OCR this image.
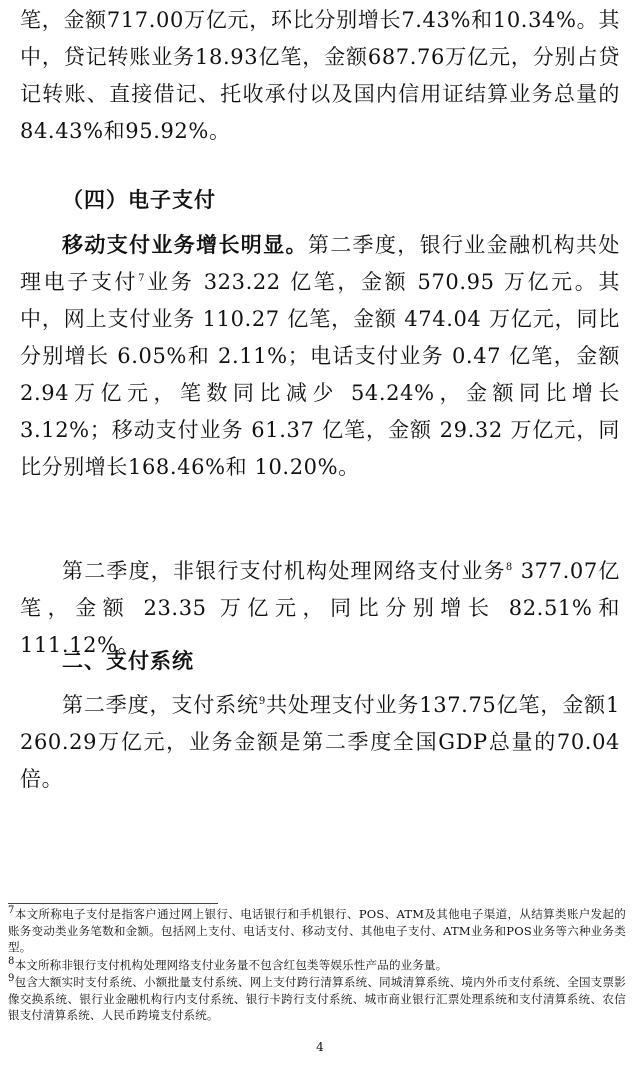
笔，金额717.00万亿元，环比分别增长7.43%和10.34%。其中，贷记转账业务18.93亿笔，金额687.76万亿元，分别占贷记转账、直接借记、托收承付以及国内信用证结算业务总量的84.43%和95.92%。

（四）电子支付

移动支付业务增长明显。第二季度，银行业金融机构共处理电子支付$^7$业务 323.22 亿笔，金额 570.95 万亿元。其中，网上支付业务 110.27 亿笔，金额 474.04 万亿元，同比分别增长 6.05%和 2.11%；电话支付业务 0.47 亿笔，金额 2.94万亿元，笔数同比减少 54.24%，金额同比增长 3.12%；移动支付业务 61.37 亿笔，金额 29.32 万亿元，同比分别增长168.46%和 10.20%。

第二季度，非银行支付机构处理网络支付业务$^8$ 377.07亿笔，金额 23.35 万亿元，同比分别增长 82.51%和 111.12%。

二、支付系统

第二季度，支付系统$^9$共处理支付业务137.75亿笔，金额1 260.29万亿元，业务金额是第二季度全国GDP总量的70.04倍。

$^7$本文所称电子支付是指客户通过网上银行、电话银行和手机银行、POS、ATM及其他电子渠道，从结算类账户发起的账务变动类业务笔数和金额。包括网上支付、电话支付、移动支付、其他电子支付、ATM业务和POS业务等六种业务类型。

$^8$本文所称非银行支付机构处理网络支付业务量不包含红包类等娱乐性产品的业务量。

$^9$包含大额实时支付系统、小额批量支付系统、网上支付跨行清算系统、同城清算系统、境内外币支付系统、全国支票影像交换系统、银行业金融机构行内支付系统、银行卡跨行支付系统、城市商业银行汇票处理系统和支付清算系统、农信银支付清算系统、人民币跨境支付系统。

4
